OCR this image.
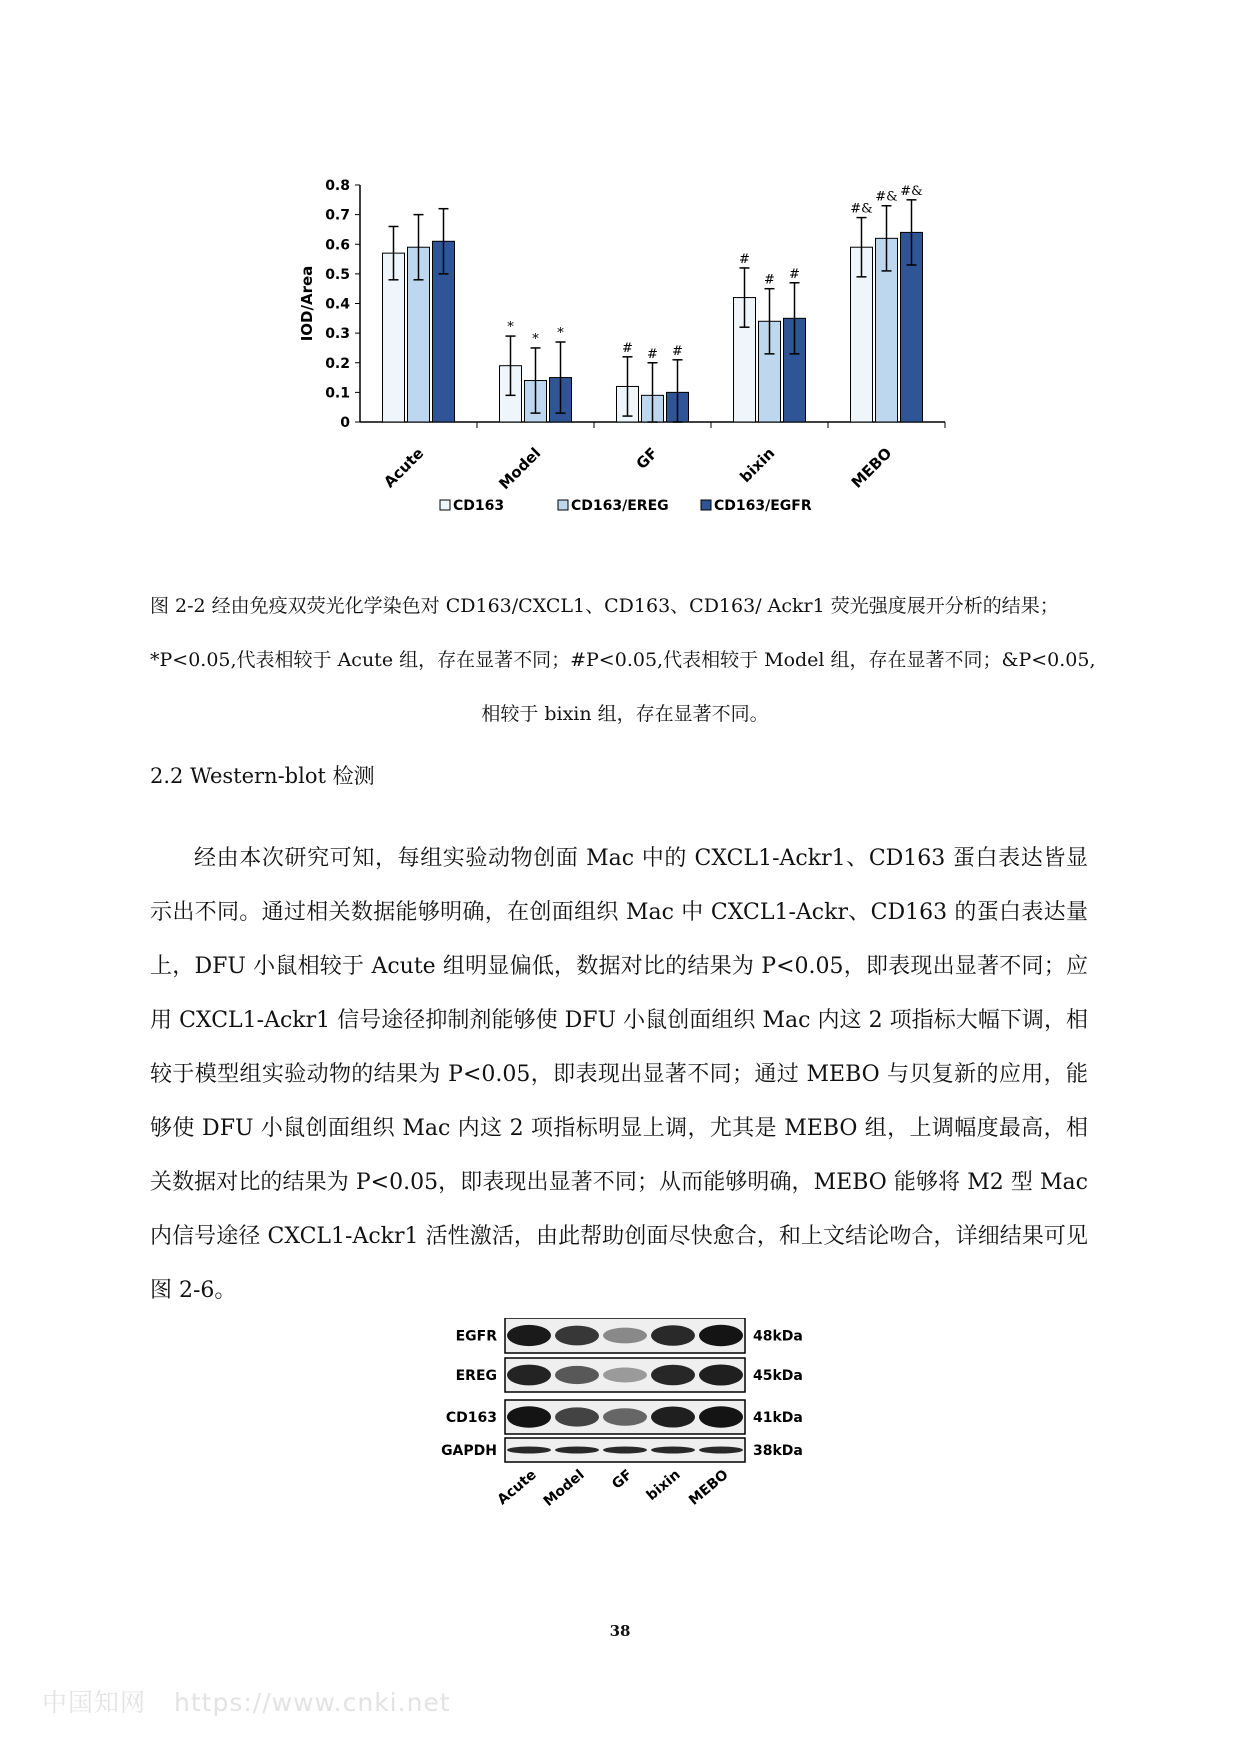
0
0.1
0.2
0.3
0.4
0.5
0.6
0.7
0.8
IOD/Area
Acute
*
* *
Model
# # #
GF
#
# #
bixin
#&
#& #&
MEBO
CD163	CD163/EREG	CD163/EGFR
图 2-2 经由免疫双荧光化学染色对 CD163/CXCL1、CD163、CD163/ Ackr1 荧光强度展开分析的结果；
*P<0.05,代表相较于 Acute 组，存在显著不同；#P<0.05,代表相较于 Model 组，存在显著不同；&P<0.05,
相较于 bixin 组，存在显著不同。
2.2 Western-blot 检测

经由本次研究可知，每组实验动物创面 Mac 中的 CXCL1-Ackr1、CD163 蛋白表达皆显示出不同。通过相关数据能够明确，在创面组织 Mac 中 CXCL1-Ackr、CD163 的蛋白表达量上，DFU 小鼠相较于 Acute 组明显偏低，数据对比的结果为 P<0.05，即表现出显著不同；应用 CXCL1-Ackr1 信号途径抑制剂能够使 DFU 小鼠创面组织 Mac 内这 2 项指标大幅下调，相较于模型组实验动物的结果为 P<0.05，即表现出显著不同；通过 MEBO 与贝复新的应用，能够使 DFU 小鼠创面组织 Mac 内这 2 项指标明显上调，尤其是 MEBO 组，上调幅度最高，相关数据对比的结果为 P<0.05，即表现出显著不同；从而能够明确，MEBO 能够将 M2 型 Mac 内信号途径 CXCL1-Ackr1 活性激活，由此帮助创面尽快愈合，和上文结论吻合，详细结果可见图 2-6。

EGFR	48kDa
EREG	45kDa
CD163	41kDa
GAPDH	38kDa
Acute Model GF bixin MEBO
38
中国知网 https://www.cnki.net
